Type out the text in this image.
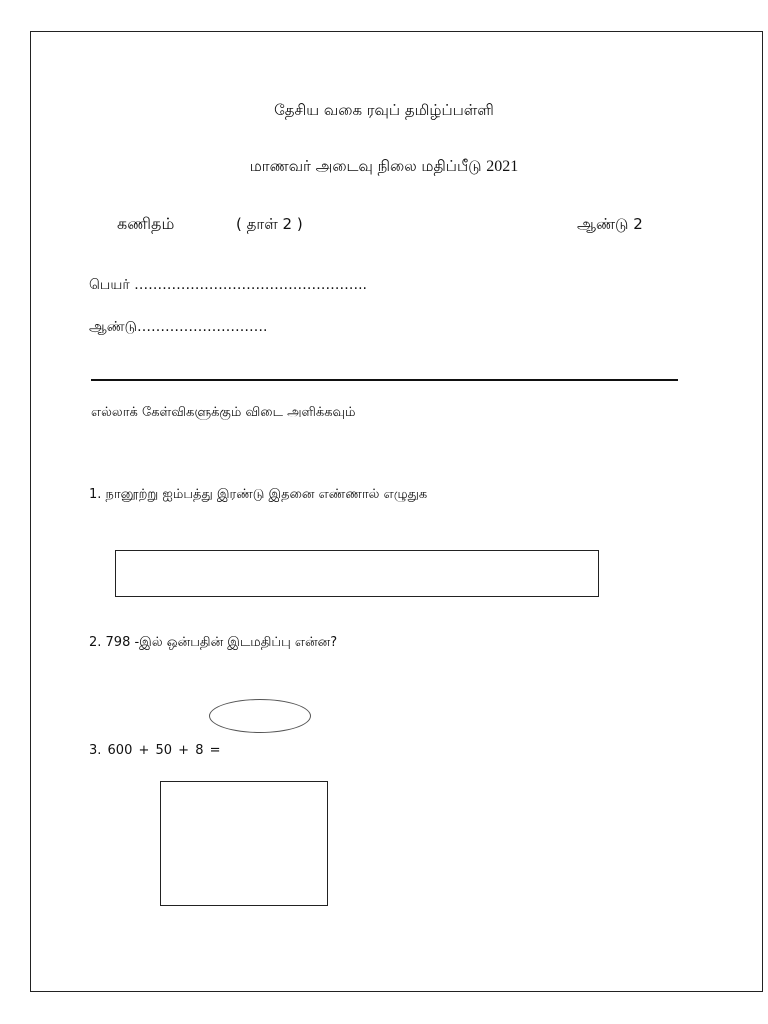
தேசிய வகை ரவுப் தமிழ்ப்பள்ளி
மாணவர் அடைவு நிலை மதிப்பீடு 2021
கணிதம்	( தாள் 2 )	ஆண்டு 2
பெயர் …………………………………………..
ஆண்டு……………………….
எல்லாக் கேள்விகளுக்கும் விடை அளிக்கவும்
1. நானூற்று ஐம்பத்து இரண்டு இதனை எண்ணால் எழுதுக
2. 798 -இல் ஒன்பதின் இடமதிப்பு என்ன?
3. 600 + 50 + 8 =
